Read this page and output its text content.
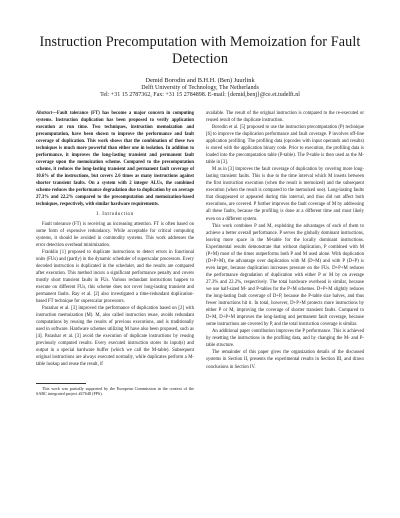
Instruction Precomputation with Memoization for Fault Detection
Demid Borodin and B.H.H. (Ben) Juurlink
Delft University of Technology, The Netherlands
Tel: +31 15 2787362, Fax: +31 15 2784898. E-mail: {demid,benj}@ce.et.tudelft.nl

Abstract—Fault tolerance (FT) has become a major concern in computing systems. Instruction duplication has been proposed to verify application execution at run time. Two techniques, instruction memoization and precomputation, have been shown to improve the performance and fault coverage of duplication. This work shows that the combination of these two techniques is much more powerful than either one in isolation. In addition to performance, it improves the long-lasting transient and permanent fault coverage upon the memoization scheme. Compared to the precomputation scheme, it reduces the long-lasting transient and permanent fault coverage of 10.6% of the instructions, but covers 2.6 times as many instructions against shorter transient faults. On a system with 2 integer ALUs, the combined scheme reduces the performance degradation due to duplication by on average 27.3% and 22.2% compared to the precomputation and memoization-based techniques, respectively, with similar hardware requirements.

I. Introduction

Fault tolerance (FT) is receiving an increasing attention. FT is often based on some form of expensive redundancy. While acceptable for critical computing systems, it should be avoided in commodity systems. This work addresses the error detection overhead minimization.

Franklin [1] proposed to duplicate instructions to detect errors in functional units (FUs) and (partly) in the dynamic scheduler of superscalar processors. Every decoded instruction is duplicated in the scheduler, and the results are compared after execution. This method incurs a significant performance penalty and covers mostly short transient faults in FUs. Various redundant instructions happen to execute on different FUs, this scheme does not cover long-lasting transient and permanent faults. Ray et al. [2] also investigated a time-redundant duplication-based FT technique for superscalar processors.

Parashar et al. [3] improved the performance of duplication based on [2] with instruction memoization (M). M, also called instruction reuse, avoids redundant computations by reusing the results of previous executions, and is traditionally used in software. Hardware schemes utilizing M have also been proposed, such as [4]. Parashar et al. [3] avoid the execution of duplicate instructions by reusing previously computed results. Every executed instruction stores its input(s) and output in a special hardware buffer (which we call the M-table). Subsequent original instructions are always executed normally, while duplicates perform a M-table lookup and reuse the result, if

This work was partially supported by the European Commission in the context of the SARC integrated project #27648 (FP6).

available. The result of the original instruction is compared to the re-executed or reused result of the duplicate instruction.

Borodin et al. [5] proposed to use the instruction precomputation (P) technique [6] to improve the duplication performance and fault coverage. P involves off-line application profiling. The profiling data (opcodes with input operands and results) is stored with the application binary code. Prior to execution, the profiling data is loaded into the precomputation table (P-table). The P-table is then used as the M-table in [3].

M as in [3] improves the fault coverage of duplication by covering more long-lasting transient faults. This is due to the time interval which M inserts between the first instruction execution (when the result is memoized) and the subsequent execution (when the result is compared to the memoized one). Long-lasting faults that disappeared or appeared during this interval, and thus did not affect both executions, are covered. P further improves the fault coverage of M by addressing all these faults, because the profiling is done at a different time and most likely even on a different system.

This work combines P and M, exploiting the advantages of each of them to achieve a better overall performance. P serves the globally dominant instructions, leaving more space in the M-table for the locally dominant instructions. Experimental results demonstrate that without duplication, P combined with M (P+M) most of the times outperforms both P and M used alone. With duplication (D+P+M), the advantage over duplication with M (D+M) and with P (D+P) is even larger, because duplication increases pressure on the FUs. D+P+M reduces the performance degradation of duplication with either P or M by on average 27.3% and 22.2%, respectively. The total hardware overhead is similar, because we use half-sized M- and P-tables for the P+M schemes. D+P+M slightly reduces the long-lasting fault coverage of D+P, because the P-table size halves, and thus fewer instructions hit it. In total, however, D+P+M protects more instructions by either P or M, improving the coverage of shorter transient faults. Compared to D+M, D+P+M improves the long-lasting and permanent fault coverage, because some instructions are covered by P, and the total instruction coverage is similar.

An additional paper contribution improves the P performance. This is achieved by resetting the instructions in the profiling data, and by changing the M- and P-table structure.

The remainder of this paper gives the organization details of the discussed systems in Section II, presents the experimental results in Section III, and draws conclusions in Section IV.
